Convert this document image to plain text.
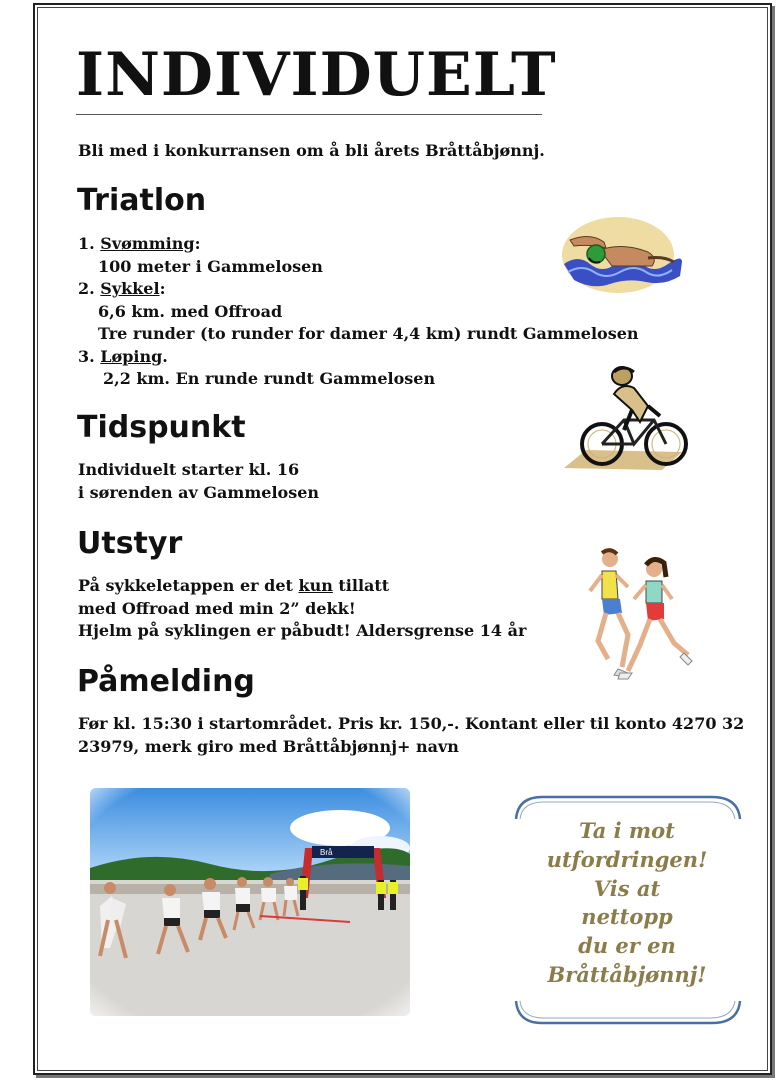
INDIVIDUELT
Bli med i konkurransen om å bli årets Bråttåbjønnj.
Triatlon
1. Svømming:
100 meter i Gammelosen
2. Sykkel:
6,6 km. med Offroad
Tre runder (to runder for damer 4,4 km) rundt Gammelosen
3. Løping.
2,2 km. En runde rundt Gammelosen
Tidspunkt
Individuelt starter kl. 16
i sørenden av Gammelosen
Utstyr
På sykkeletappen er det kun tillatt
med Offroad med min 2” dekk!
Hjelm på syklingen er påbudt! Aldersgrense 14 år
Påmelding
Før kl. 15:30 i startområdet. Pris kr. 150,-. Kontant eller til konto 4270 32
23979, merk giro med Bråttåbjønnj+ navn
Ta i mot
utfordringen!
Vis at
nettopp
du er en
Bråttåbjønnj!
